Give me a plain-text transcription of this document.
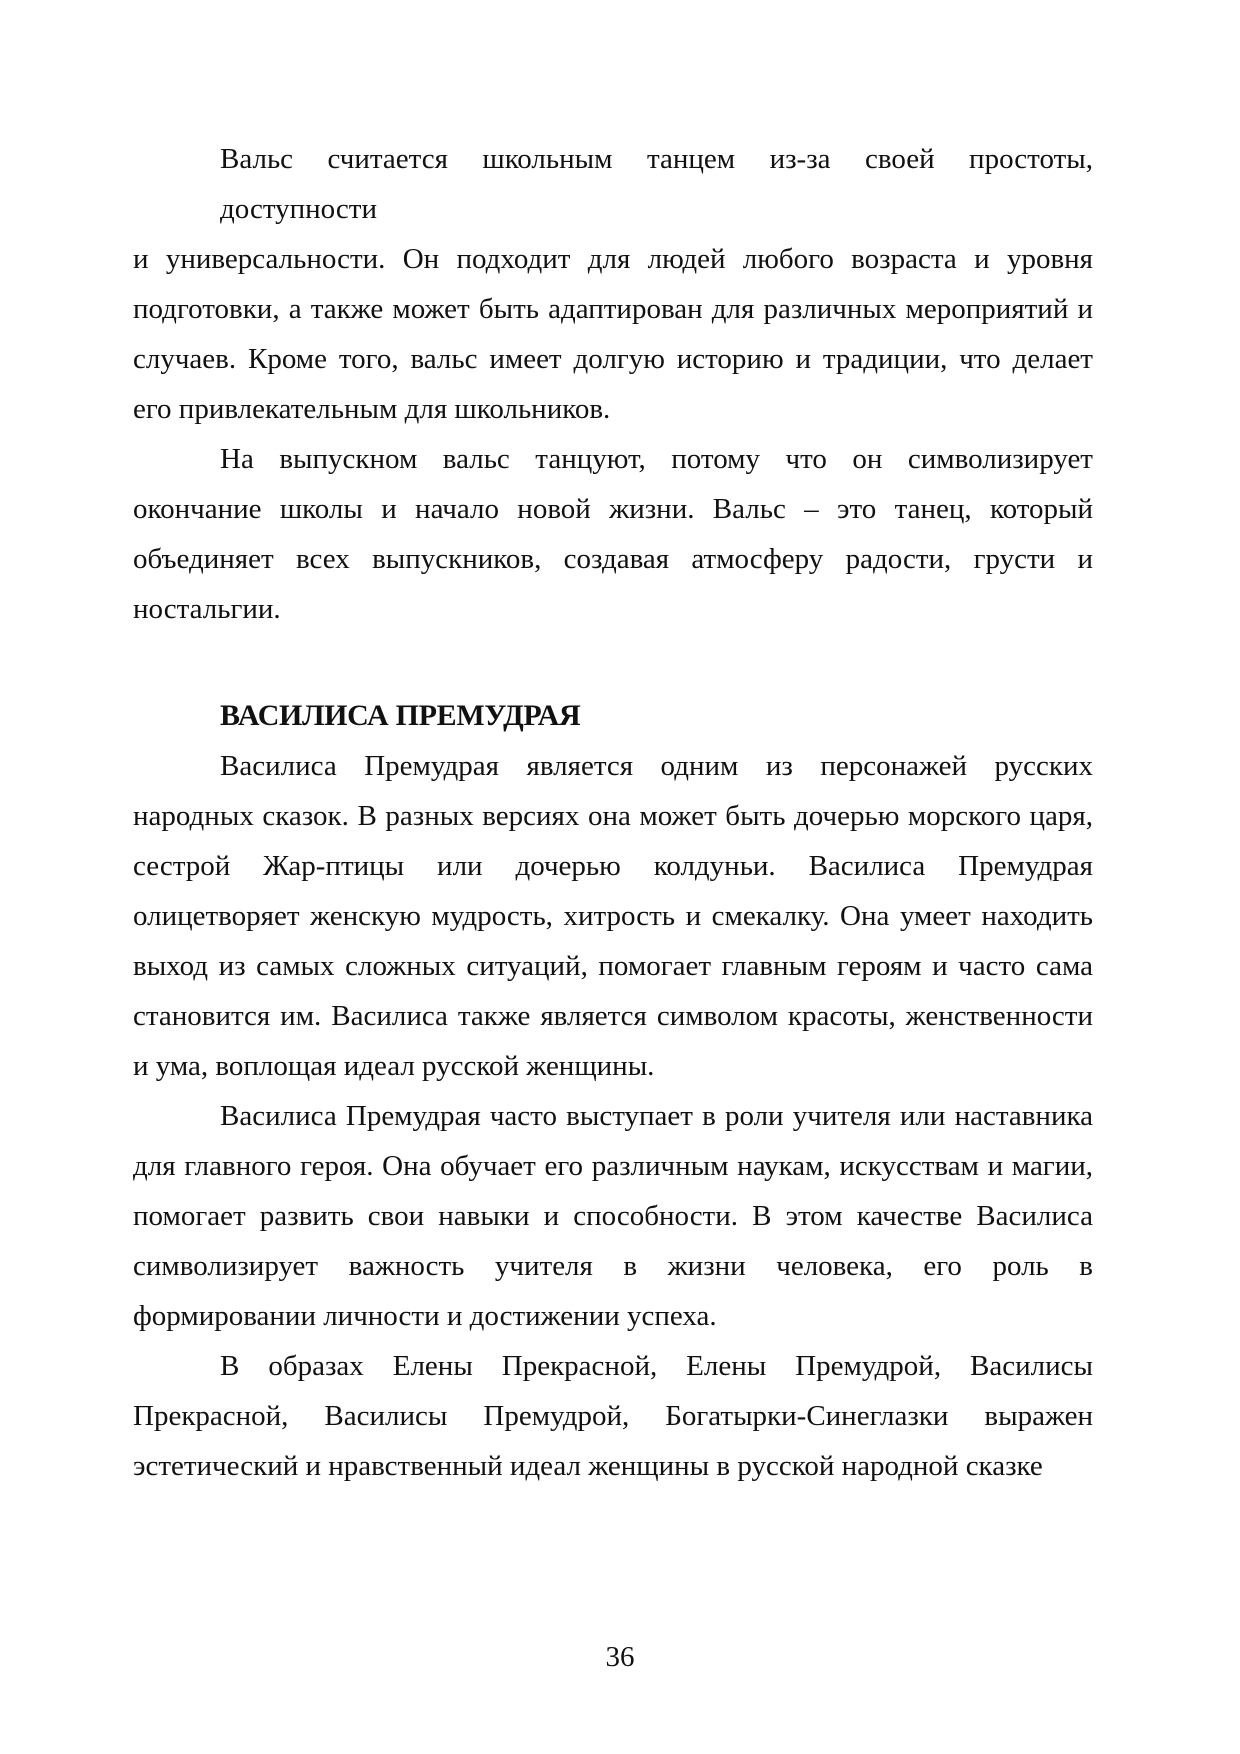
Вальс считается школьным танцем из-за своей простоты, доступности
и универсальности. Он подходит для людей любого возраста и уровня
подготовки, а также может быть адаптирован для различных мероприятий и
случаев. Кроме того, вальс имеет долгую историю и традиции, что делает
его привлекательным для школьников.
На выпускном вальс танцуют, потому что он символизирует
окончание школы и начало новой жизни. Вальс – это танец, который
объединяет всех выпускников, создавая атмосферу радости, грусти и
ностальгии.
ВАСИЛИСА ПРЕМУДРАЯ
Василиса Премудрая является одним из персонажей русских
народных сказок. В разных версиях она может быть дочерью морского царя,
сестрой Жар-птицы или дочерью колдуньи. Василиса Премудрая
олицетворяет женскую мудрость, хитрость и смекалку. Она умеет находить
выход из самых сложных ситуаций, помогает главным героям и часто сама
становится им. Василиса также является символом красоты, женственности
и ума, воплощая идеал русской женщины.
Василиса Премудрая часто выступает в роли учителя или наставника
для главного героя. Она обучает его различным наукам, искусствам и магии,
помогает развить свои навыки и способности. В этом качестве Василиса
символизирует важность учителя в жизни человека, его роль в
формировании личности и достижении успеха.
В образах Елены Прекрасной, Елены Премудрой, Василисы
Прекрасной, Василисы Премудрой, Богатырки-Синеглазки выражен
эстетический и нравственный идеал женщины в русской народной сказке
36
